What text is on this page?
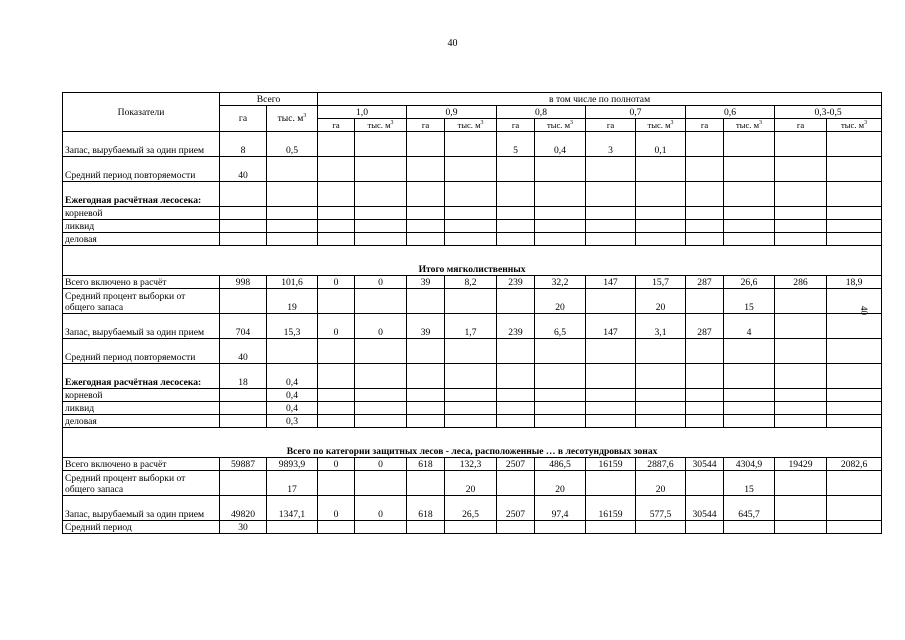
40
40
Показатели	Всего		в том числе по полнотам											
	га	тыс. $м^3$	1,0		0,9		0,8		0,7		0,6		0,3-0,5	
			га	тыс. $м^3$	га	тыс. $м^3$	га	тыс. $м^3$	га	тыс. $м^3$	га	тыс. $м^3$	га	тыс. $м^3$
Запас, вырубаемый за один прием	8	0,5					5	0,4	3	0,1				
Средний период повторяемости	40													
Ежегодная расчётная лесосека:														
корневой														
ликвид														
деловая														
Итого мягколиственных														
Всего включено в расчёт	998	101,6	0	0	39	8,2	239	32,2	147	15,7	287	26,6	286	18,9
Средний процент выборки от общего запаса		19						20		20		15		
Запас, вырубаемый за один прием	704	15,3	0	0	39	1,7	239	6,5	147	3,1	287	4		
Средний период повторяемости	40													
Ежегодная расчётная лесосека:	18	0,4												
корневой		0,4												
ликвид		0,4												
деловая		0,3												
Всего по категории защитных лесов - леса, расположенные … в лесотундровых зонах														
Всего включено в расчёт	59887	9893,9	0	0	618	132,3	2507	486,5	16159	2887,6	30544	4304,9	19429	2082,6
Средний процент выборки от общего запаса		17				20		20		20		15		
Запас, вырубаемый за один прием	49820	1347,1	0	0	618	26,5	2507	97,4	16159	577,5	30544	645,7		
Средний период	30													
